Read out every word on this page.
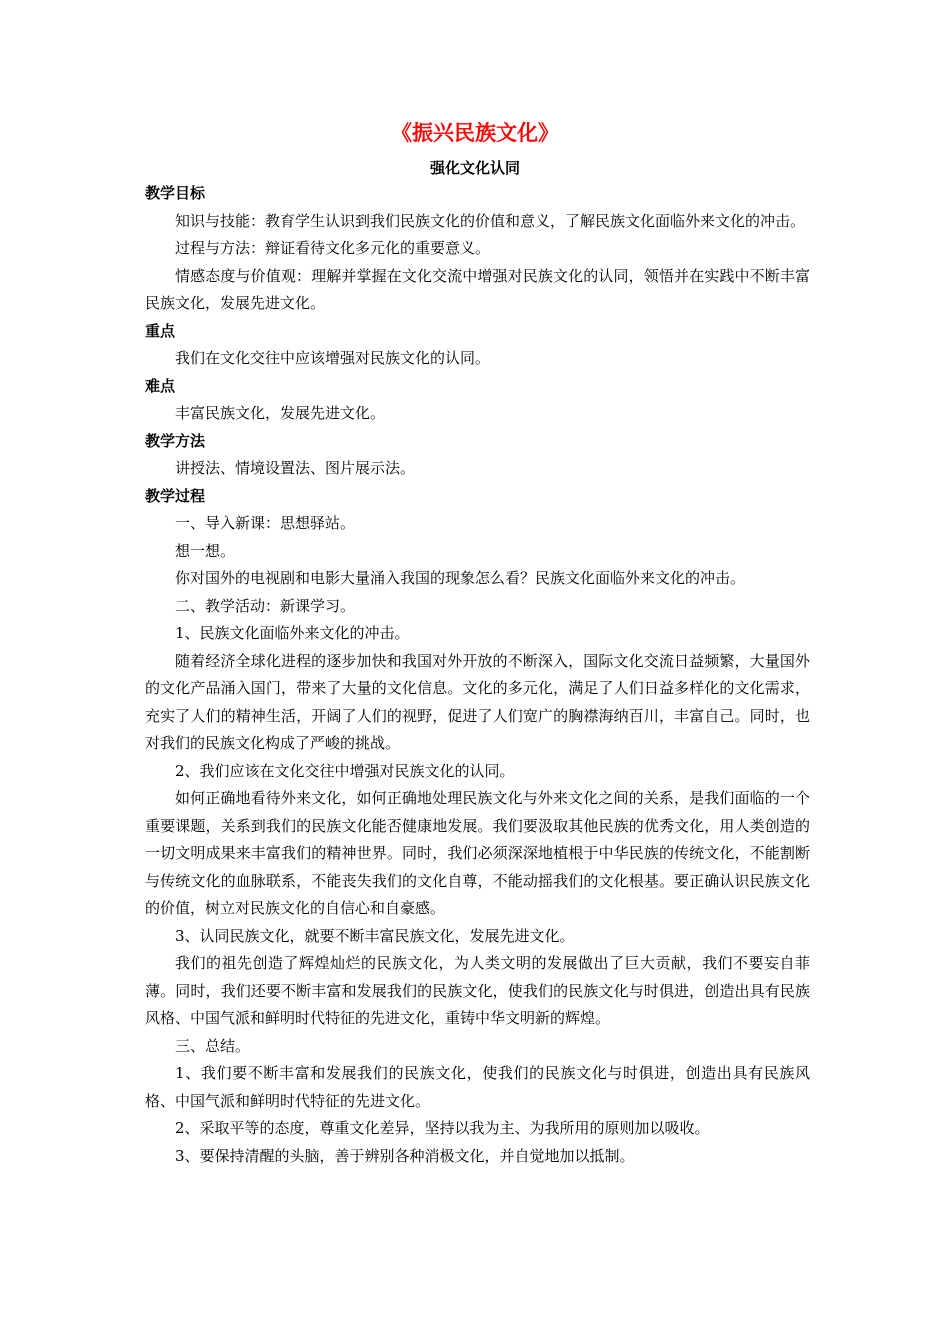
《振兴民族文化》
强化文化认同

教学目标

知识与技能：教育学生认识到我们民族文化的价值和意义，了解民族文化面临外来文化的冲击。

过程与方法：辩证看待文化多元化的重要意义。

情感态度与价值观：理解并掌握在文化交流中增强对民族文化的认同，领悟并在实践中不断丰富民族文化，发展先进文化。

重点

我们在文化交往中应该增强对民族文化的认同。

难点

丰富民族文化，发展先进文化。

教学方法

讲授法、情境设置法、图片展示法。

教学过程

一、导入新课：思想驿站。

想一想。

你对国外的电视剧和电影大量涌入我国的现象怎么看？民族文化面临外来文化的冲击。

二、教学活动：新课学习。

1、民族文化面临外来文化的冲击。

随着经济全球化进程的逐步加快和我国对外开放的不断深入，国际文化交流日益频繁，大量国外的文化产品涌入国门，带来了大量的文化信息。文化的多元化，满足了人们日益多样化的文化需求，充实了人们的精神生活，开阔了人们的视野，促进了人们宽广的胸襟海纳百川，丰富自己。同时，也对我们的民族文化构成了严峻的挑战。

2、我们应该在文化交往中增强对民族文化的认同。

如何正确地看待外来文化，如何正确地处理民族文化与外来文化之间的关系，是我们面临的一个重要课题，关系到我们的民族文化能否健康地发展。我们要汲取其他民族的优秀文化，用人类创造的一切文明成果来丰富我们的精神世界。同时，我们必须深深地植根于中华民族的传统文化，不能割断与传统文化的血脉联系，不能丧失我们的文化自尊，不能动摇我们的文化根基。要正确认识民族文化的价值，树立对民族文化的自信心和自豪感。

3、认同民族文化，就要不断丰富民族文化，发展先进文化。

我们的祖先创造了辉煌灿烂的民族文化，为人类文明的发展做出了巨大贡献，我们不要妄自菲薄。同时，我们还要不断丰富和发展我们的民族文化，使我们的民族文化与时俱进，创造出具有民族风格、中国气派和鲜明时代特征的先进文化，重铸中华文明新的辉煌。

三、总结。

1、我们要不断丰富和发展我们的民族文化，使我们的民族文化与时俱进，创造出具有民族风格、中国气派和鲜明时代特征的先进文化。

2、采取平等的态度，尊重文化差异，坚持以我为主、为我所用的原则加以吸收。

3、要保持清醒的头脑，善于辨别各种消极文化，并自觉地加以抵制。
